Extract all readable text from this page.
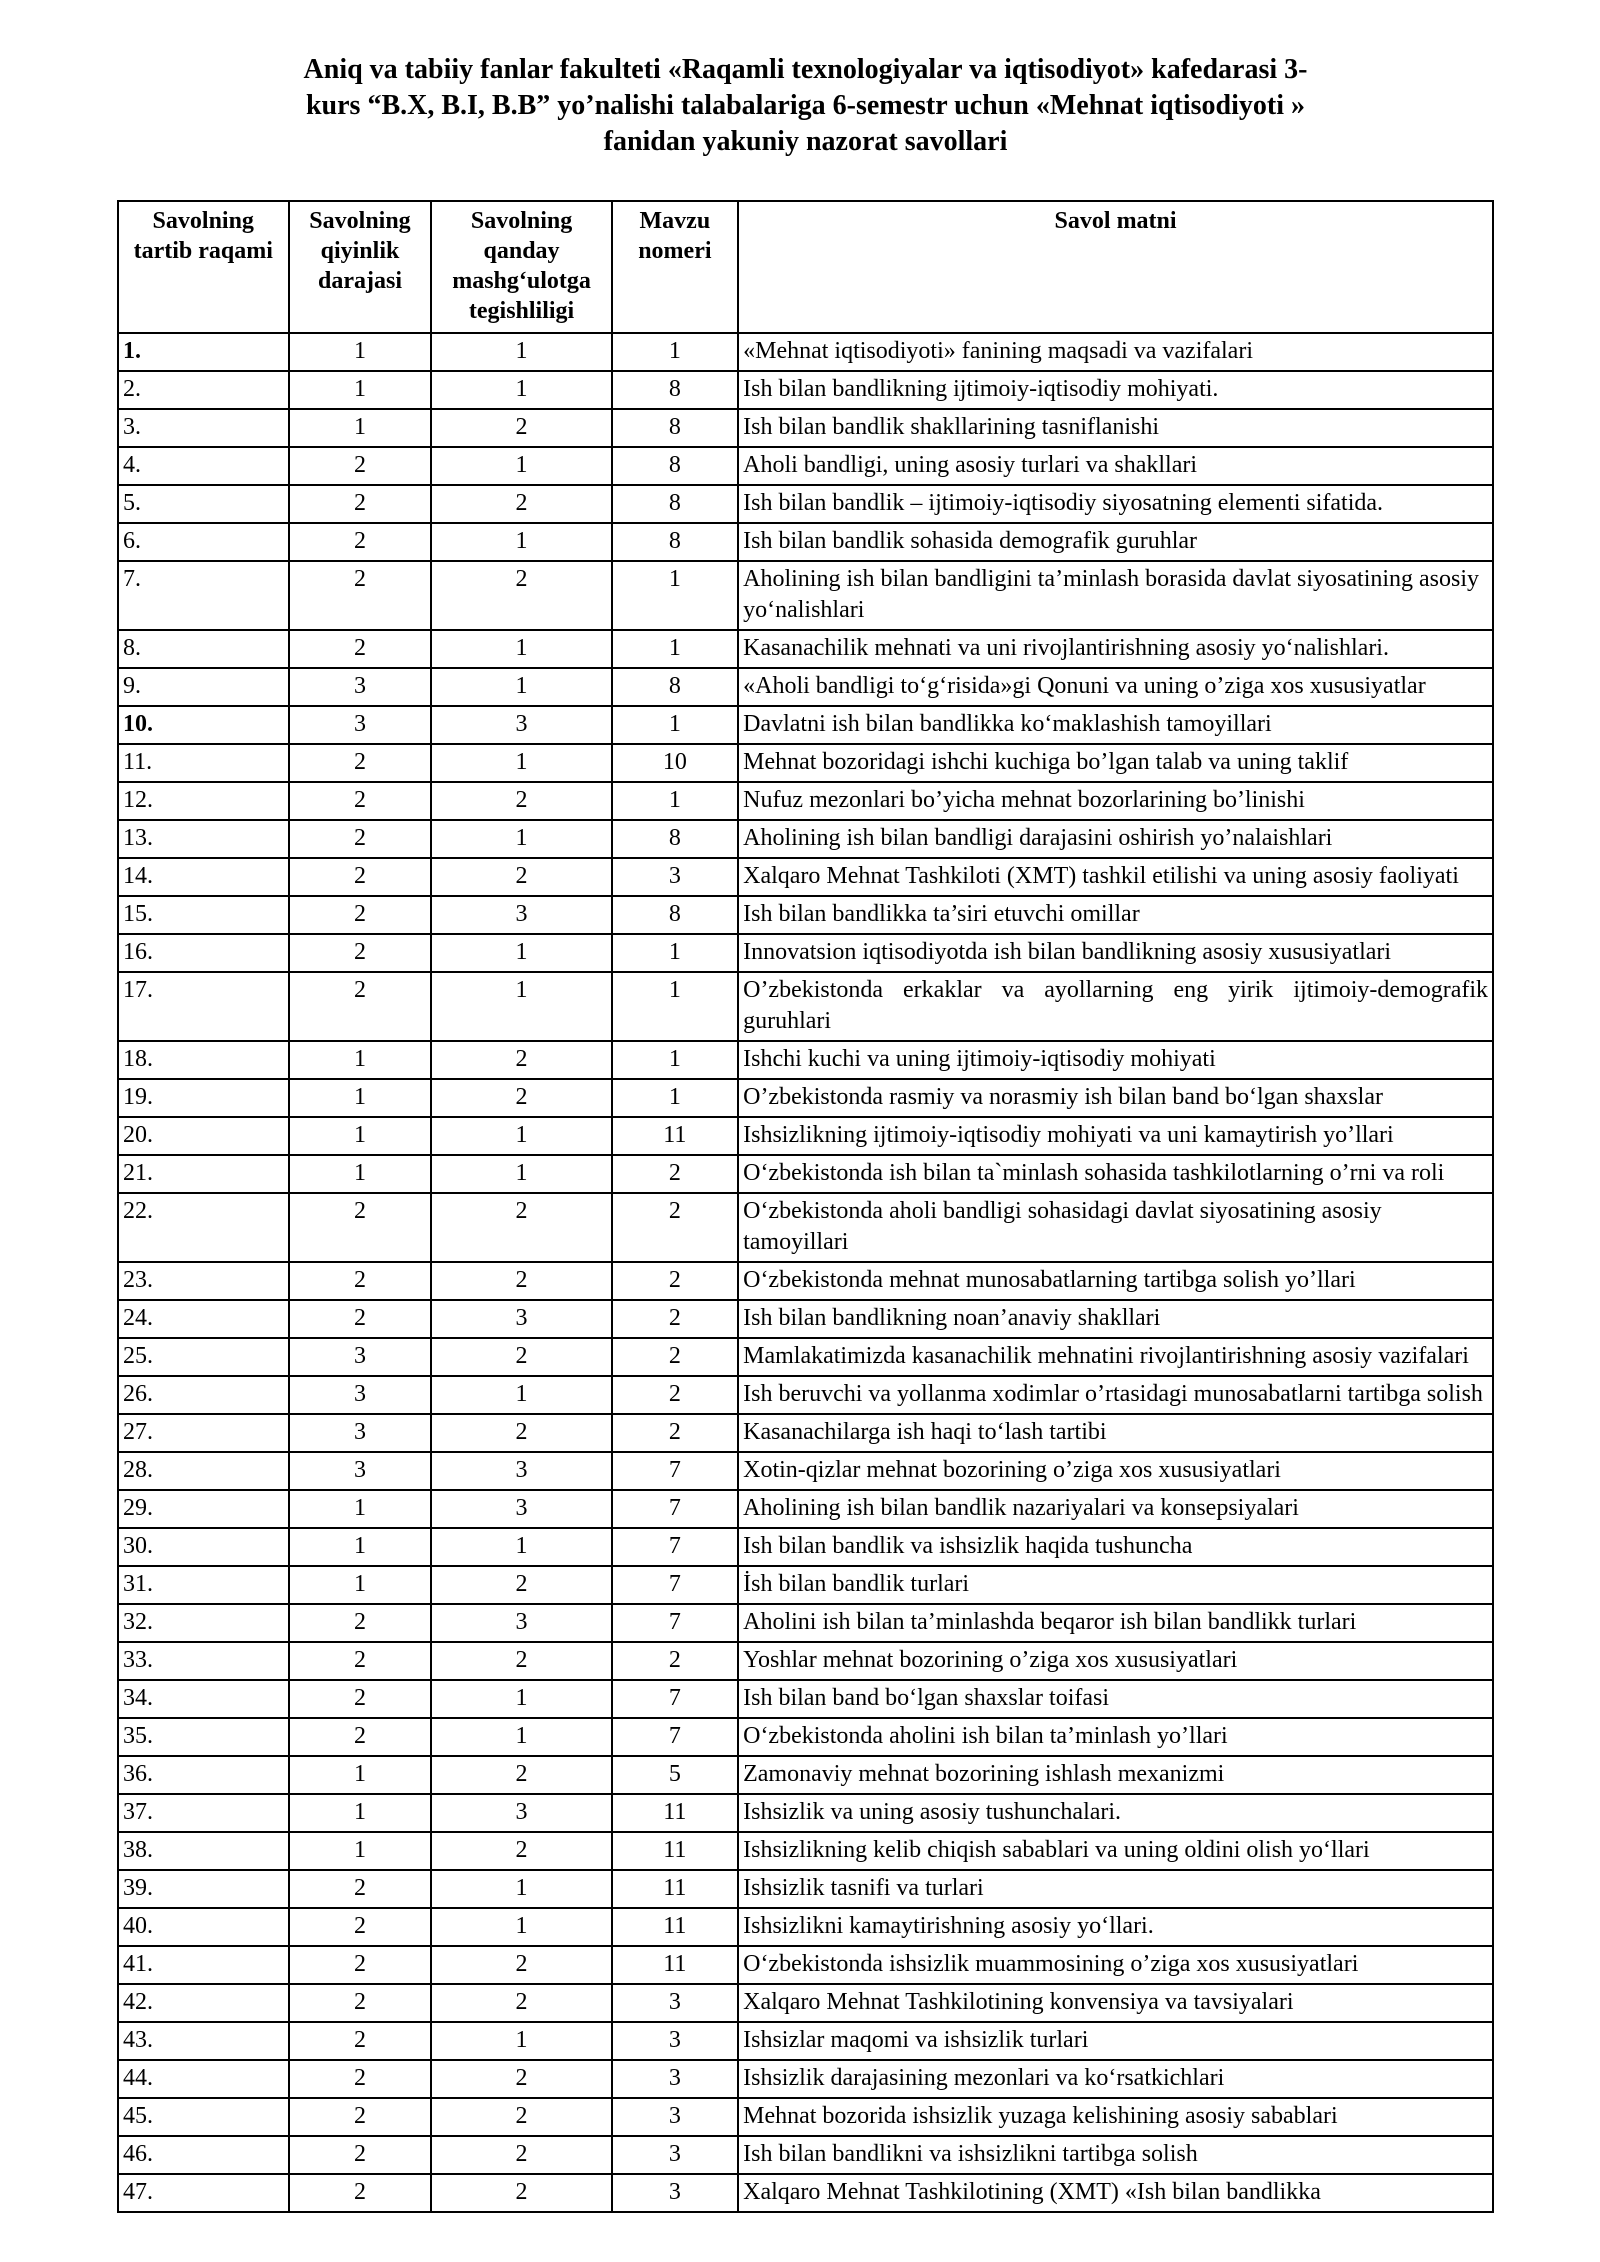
Aniq va tabiiy fanlar fakulteti «Raqamli texnologiyalar va iqtisodiyot» kafedarasi 3-
kurs “B.X, B.I, B.B” yo’nalishi talabalariga 6-semestr uchun «Mehnat iqtisodiyoti »
fanidan yakuniy nazorat savollari
Savolning tartib raqami	Savolning qiyinlik darajasi	Savolning qanday mashg‘ulotga tegishliligi	Mavzu nomeri	Savol matni
1.	1	1	1	«Mehnat iqtisodiyoti» fanining maqsadi va vazifalari
2.	1	1	8	Ish bilan bandlikning ijtimoiy-iqtisodiy mohiyati.
3.	1	2	8	Ish bilan bandlik shakllarining tasniflanishi
4.	2	1	8	Aholi bandligi, uning asosiy turlari va shakllari
5.	2	2	8	Ish bilan bandlik – ijtimoiy-iqtisodiy siyosatning elementi sifatida.
6.	2	1	8	Ish bilan bandlik sohasida demografik guruhlar
7.	2	2	1	Aholining ish bilan bandligini ta’minlash borasida davlat siyosatining asosiy yo‘nalishlari
8.	2	1	1	Kasanachilik mehnati va uni rivojlantirishning asosiy yo‘nalishlari.
9.	3	1	8	«Aholi bandligi to‘g‘risida»gi Qonuni va uning o’ziga xos xususiyatlar
10.	3	3	1	Davlatni ish bilan bandlikka ko‘maklashish tamoyillari
11.	2	1	10	Mehnat bozoridagi ishchi kuchiga bo’lgan talab va uning taklif
12.	2	2	1	Nufuz mezonlari bo’yicha mehnat bozorlarining bo’linishi
13.	2	1	8	Aholining ish bilan bandligi darajasini oshirish yo’nalaishlari
14.	2	2	3	Xalqaro Mehnat Tashkiloti (XMT) tashkil etilishi va uning asosiy faoliyati
15.	2	3	8	Ish bilan bandlikka ta’siri etuvchi omillar
16.	2	1	1	Innovatsion iqtisodiyotda ish bilan bandlikning asosiy xususiyatlari
17.	2	1	1	O’zbekistonda erkaklar va ayollarning eng yirik ijtimoiy-demografik guruhlari
18.	1	2	1	Ishchi kuchi va uning ijtimoiy-iqtisodiy mohiyati
19.	1	2	1	O’zbekistonda rasmiy va norasmiy ish bilan band bo‘lgan shaxslar
20.	1	1	11	Ishsizlikning ijtimoiy-iqtisodiy mohiyati va uni kamaytirish yo’llari
21.	1	1	2	O‘zbekistonda ish bilan ta`minlash sohasida tashkilotlarning o’rni va roli
22.	2	2	2	O‘zbekistonda aholi bandligi sohasidagi davlat siyosatining asosiy tamoyillari
23.	2	2	2	O‘zbekistonda mehnat munosabatlarning tartibga solish yo’llari
24.	2	3	2	Ish bilan bandlikning noan’anaviy shakllari
25.	3	2	2	Mamlakatimizda kasanachilik mehnatini rivojlantirishning asosiy vazifalari
26.	3	1	2	Ish beruvchi va yollanma xodimlar o’rtasidagi munosabatlarni tartibga solish
27.	3	2	2	Kasanachilarga ish haqi to‘lash tartibi
28.	3	3	7	Xotin-qizlar mehnat bozorining o’ziga xos xususiyatlari
29.	1	3	7	Aholining ish bilan bandlik nazariyalari va konsepsiyalari
30.	1	1	7	Ish bilan bandlik va ishsizlik haqida tushuncha
31.	1	2	7	İsh bilan bandlik turlari
32.	2	3	7	Aholini ish bilan ta’minlashda beqaror ish bilan bandlikk turlari
33.	2	2	2	Yoshlar mehnat bozorining o’ziga xos xususiyatlari
34.	2	1	7	Ish bilan band bo‘lgan shaxslar toifasi
35.	2	1	7	O‘zbekistonda aholini ish bilan ta’minlash yo’llari
36.	1	2	5	Zamonaviy mehnat bozorining ishlash mexanizmi
37.	1	3	11	Ishsizlik va uning asosiy tushunchalari.
38.	1	2	11	Ishsizlikning kelib chiqish sabablari va uning oldini olish yo‘llari
39.	2	1	11	Ishsizlik tasnifi va turlari
40.	2	1	11	Ishsizlikni kamaytirishning asosiy yo‘llari.
41.	2	2	11	O‘zbekistonda ishsizlik muammosining o’ziga xos xususiyatlari
42.	2	2	3	Xalqaro Mehnat Tashkilotining konvensiya va tavsiyalari
43.	2	1	3	Ishsizlar maqomi va ishsizlik turlari
44.	2	2	3	Ishsizlik darajasining mezonlari va ko‘rsatkichlari
45.	2	2	3	Mehnat bozorida ishsizlik yuzaga kelishining asosiy sabablari
46.	2	2	3	Ish bilan bandlikni va ishsizlikni tartibga solish
47.	2	2	3	Xalqaro Mehnat Tashkilotining (XMT) «Ish bilan bandlikka
